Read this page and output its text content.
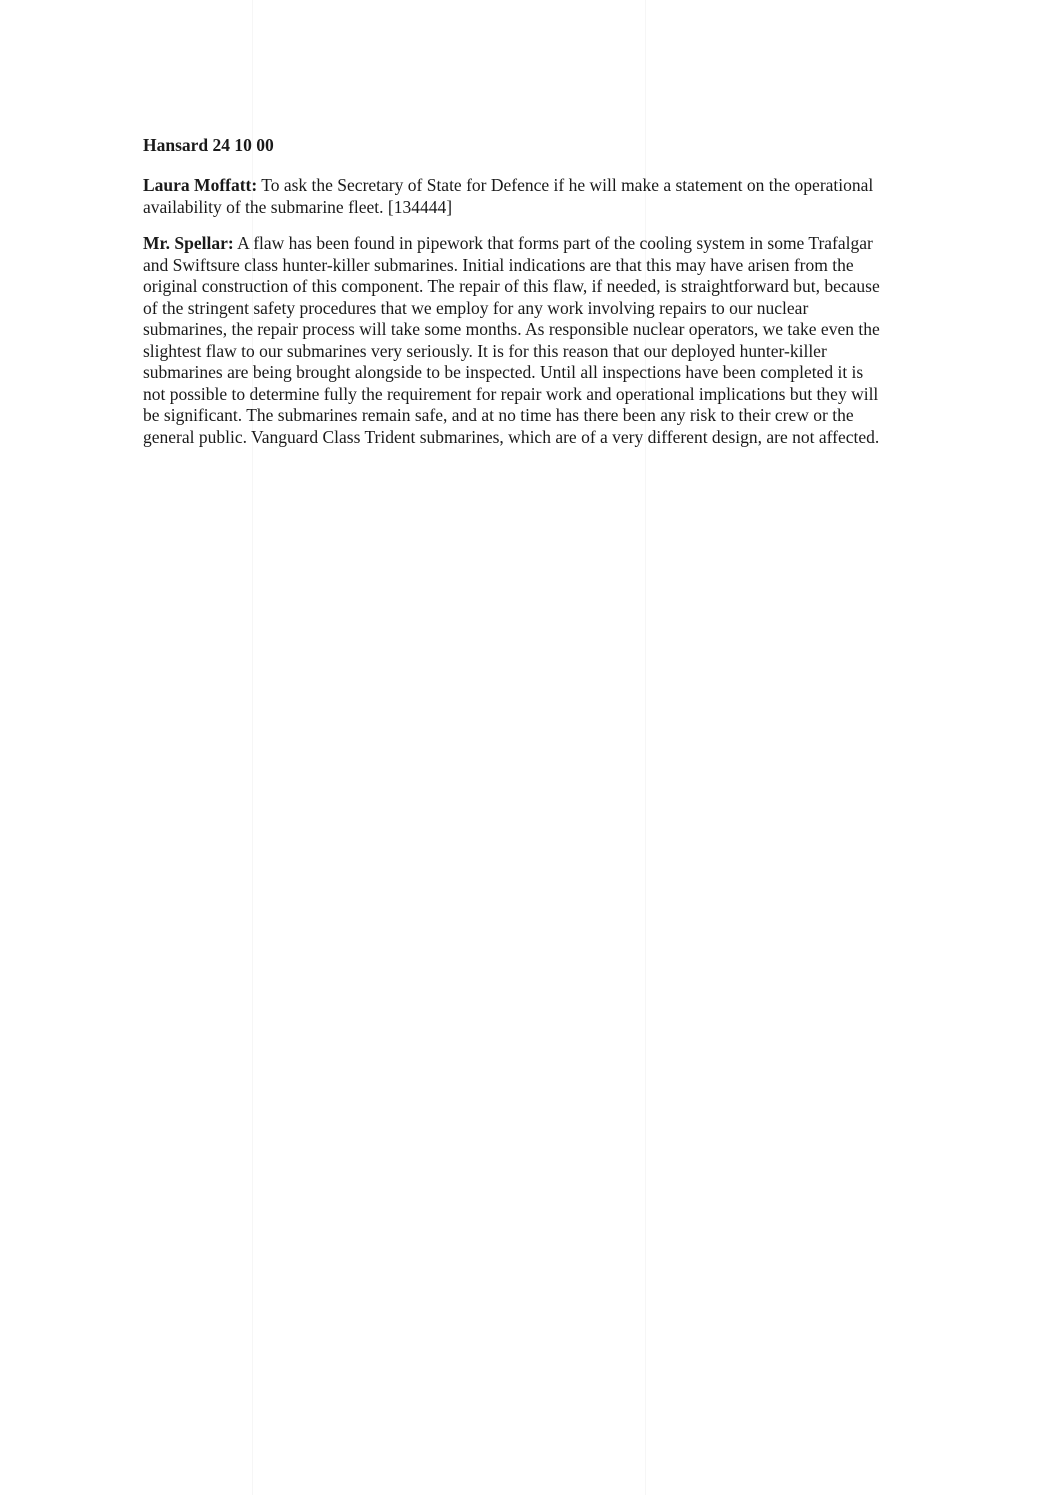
Hansard 24 10 00

Laura Moffatt: To ask the Secretary of State for Defence if he will make a statement on the operational availability of the submarine fleet. [134444]

Mr. Spellar: A flaw has been found in pipework that forms part of the cooling system in some Trafalgar and Swiftsure class hunter-killer submarines. Initial indications are that this may have arisen from the original construction of this component. The repair of this flaw, if needed, is straightforward but, because of the stringent safety procedures that we employ for any work involving repairs to our nuclear submarines, the repair process will take some months. As responsible nuclear operators, we take even the slightest flaw to our submarines very seriously. It is for this reason that our deployed hunter-killer submarines are being brought alongside to be inspected. Until all inspections have been completed it is not possible to determine fully the requirement for repair work and operational implications but they will be significant. The submarines remain safe, and at no time has there been any risk to their crew or the general public. Vanguard Class Trident submarines, which are of a very different design, are not affected.
